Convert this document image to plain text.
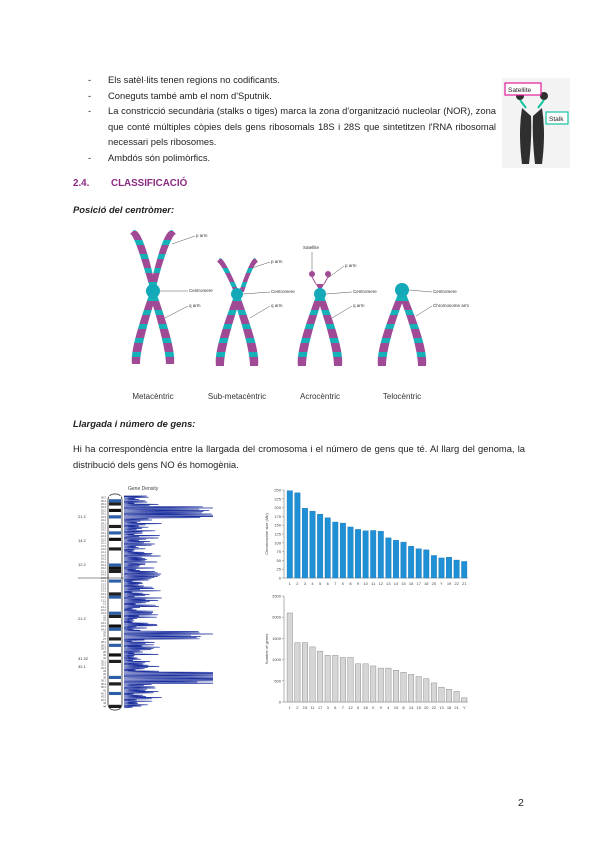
- Els satèl·lits tenen regions no codificants.
- Coneguts també amb el nom d'Sputnik.
- La constricció secundària (stalks o tiges) marca la zona d'organització nucleolar (NOR), zona que conté múltiples còpies dels gens ribosomals 18S i 28S que sintetitzen l'RNA ribosomal necessari pels ribosomes.
- Ambdós són polimòrfics.
Satellite
Stalk
2.4. CLASSIFICACIÓ
Posició del centròmer:
p arm
Centromere
q arm
p arm
Centromere
q arm
Satellite
p arm
Centromere
q arm
Centromere
Chromosome arm
Metacèntric	Sub-metacèntric	Acrocèntric	Telocèntric
Llargada i número de gens:
Hi ha correspondència entre la llargada del cromosoma i el número de gens que té. Al llarg del genoma, la distribució dels gens NO és homogènia.
Gene Density
26.3
26.2
26.1
25.3
25.2
25.1
24.3
24.2
24.1
23.3
23.2
23.1
22.3
22.2
22.1
21.3
21.2
21.1
16.3
16.2
16.1
15.3
15.2
15.1
14.3
14.2
14.1
13.3
13.2
13.1
12.1
11.1
11.2
12
21.1
21.2
21.3
22
23
24.1
24.2
24.3
25
26
27
28.1
28.2
28.3
29
30
31
32.1
32.2
32.3
33
34
35
36.1
36.2
36.3
41
42.1
42.2
42.3
43
44
21.2
14.2
12.2
21.2
31.32
32.1
0
25
50
75
100
125
150
175
200
225
250
Chromosome size (Mb)
1 2 3 4 5 6 7 X 8 9 10 11 12 13 14 15 16 17 18 20 Y 19 22 21
0
500
1000
1500
2000
2500
Number of genes
1 2 19 11 17 3 6 7 12 5 16 X 9 4 10 8 14 15 20 22 13 18 21 Y
2
